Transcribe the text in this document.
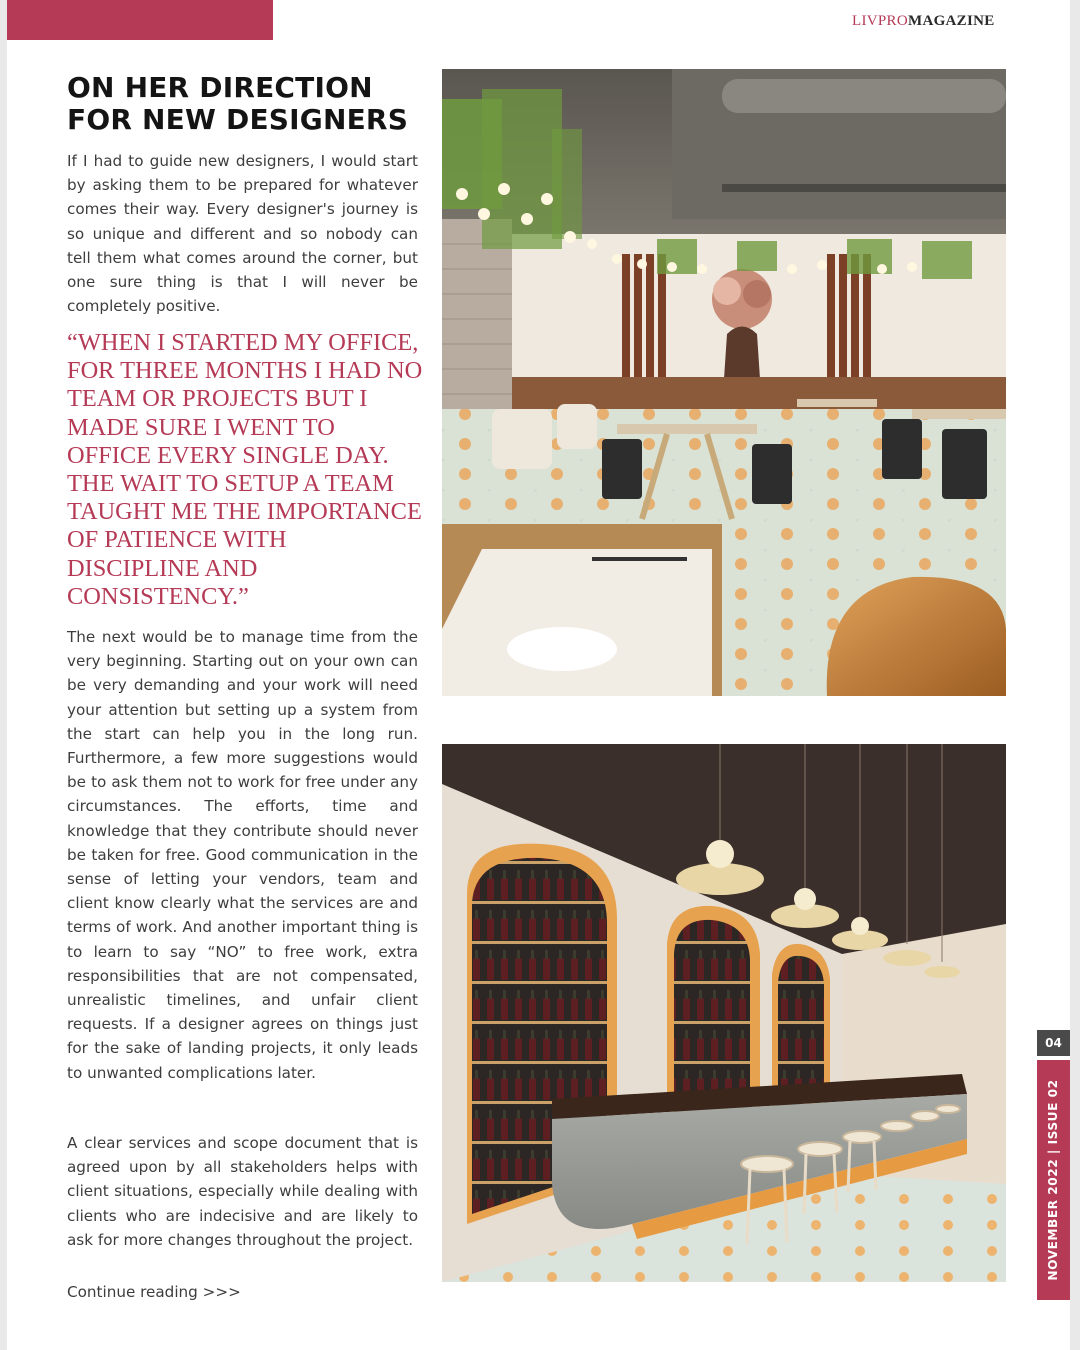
LIVPROMAGAZINE
ON HER DIRECTION
FOR NEW DESIGNERS

If I had to guide new designers, I would start by asking them to be prepared for whatever comes their way. Every designer's journey is so unique and different and so nobody can tell them what comes around the corner, but one sure thing is that I will never be completely positive.

“WHEN I STARTED MY OFFICE, FOR THREE MONTHS I HAD NO TEAM OR PROJECTS BUT I MADE SURE I WENT TO OFFICE EVERY SINGLE DAY. THE WAIT TO SETUP A TEAM TAUGHT ME THE IMPORTANCE OF PATIENCE WITH DISCIPLINE AND CONSISTENCY.”

The next would be to manage time from the very beginning. Starting out on your own can be very demanding and your work will need your attention but setting up a system from the start can help you in the long run. Furthermore, a few more suggestions would be to ask them not to work for free under any circumstances. The efforts, time and knowledge that they contribute should never be taken for free. Good communication in the sense of letting your vendors, team and client know clearly what the services are and terms of work. And another important thing is to learn to say “NO” to free work, extra responsibilities that are not compensated, unrealistic timelines, and unfair client requests. If a designer agrees on things just for the sake of landing projects, it only leads to unwanted complications later.

A clear services and scope document that is agreed upon by all stakeholders helps with client situations, especially while dealing with clients who are indecisive and are likely to ask for more changes throughout the project.

Continue reading >>>
04
NOVEMBER 2022 | ISSUE 02
